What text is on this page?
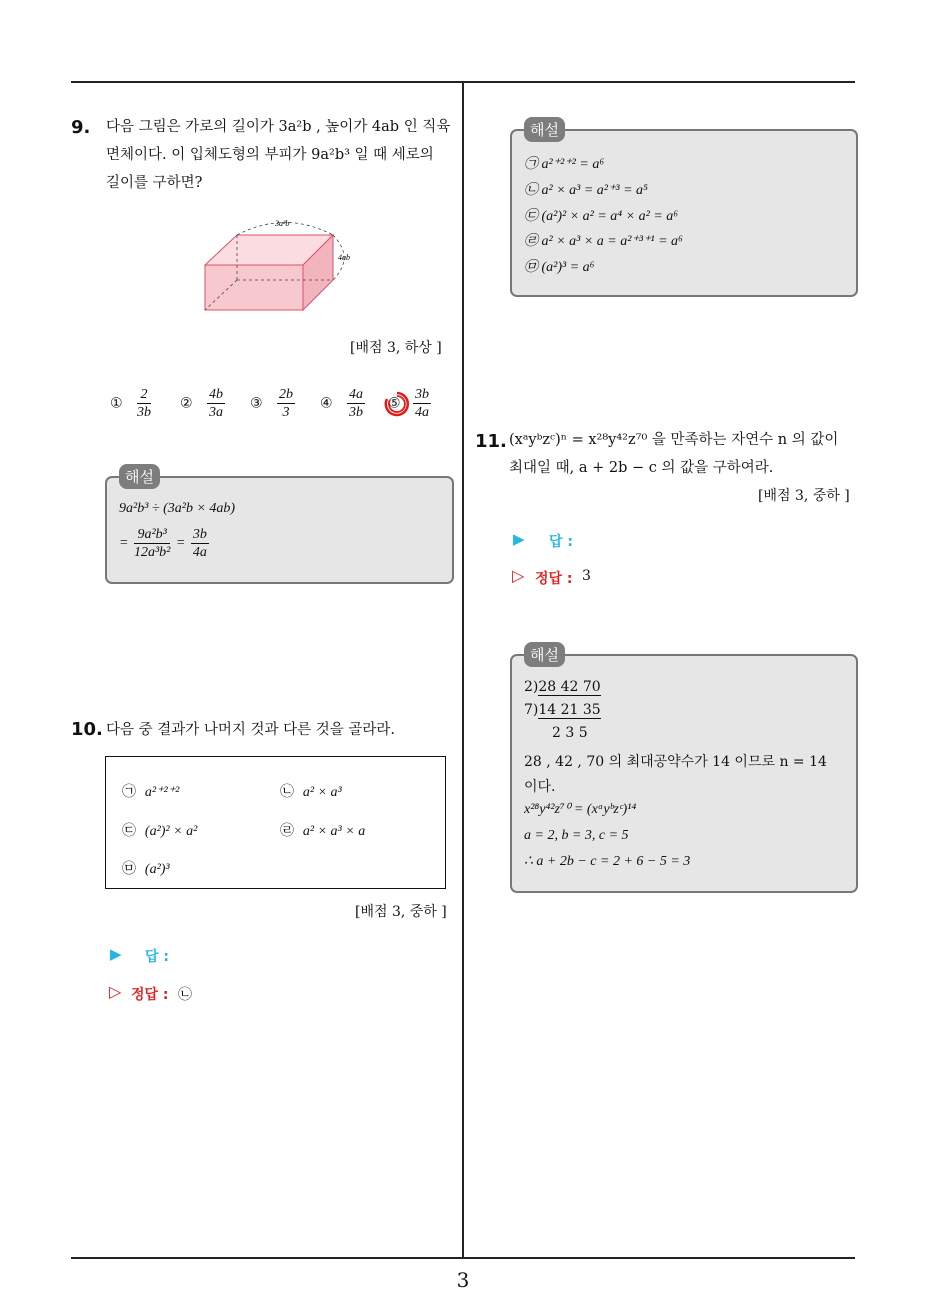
3
9. 다음 그림은 가로의 길이가 3a²b , 높이가 4ab 인 직육
면체이다. 이 입체도형의 부피가 9a²b³ 일 때 세로의
길이를 구하면?
3a²b
4ab
[배점 3, 하상 ]
① $\frac{2}{3b}$ ② $\frac{4b}{3a}$ ③ $\frac{2b}{3}$ ④ $\frac{4a}{3b}$ ⑤ $\frac{3b}{4a}$
9a²b³ ÷ (3a²b × 4ab)
= $\frac{\text{9a²b³}}{\text{12a³b²}} = \frac{3b}{4a}$
해설
10. 다음 중 결과가 나머지 것과 다른 것을 골라라.
㉠ a²⁺²⁺²	㉡ a² × a³
㉢ (a²)² × a²	㉣ a² × a³ × a
㉤ (a²)³
[배점 3, 중하 ]
▶ 답 :
▷ 정답 : ㉡
㉠ a²⁺²⁺² = a⁶
㉡ a² × a³ = a²⁺³ = a⁵
㉢ (a²)² × a² = a⁴ × a² = a⁶
㉣ a² × a³ × a = a²⁺³⁺¹ = a⁶
㉤ (a²)³ = a⁶
해설
11. (xᵃyᵇzᶜ)ⁿ = x²⁸y⁴²z⁷⁰ 을 만족하는 자연수 n 의 값이
최대일 때, a + 2b − c 의 값을 구하여라.
[배점 3, 중하 ]
▶ 답 :
▷ 정답 : 3
2)28 42 70
7)14 21 35
2 3 5
28 , 42 , 70 의 최대공약수가 14 이므로 n = 14
이다.
x²⁸y⁴²z⁷⁰ = (xᵃyᵇzᶜ)¹⁴
a = 2, b = 3, c = 5
∴ a + 2b − c = 2 + 6 − 5 = 3
해설
